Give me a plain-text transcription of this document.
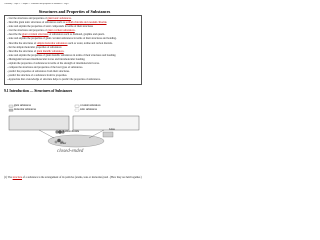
Chemistry · Topic 2 · Chapter 9 · Structures and properties of substances · Page 1
Structures and Properties of Substances
- List the structures and properties of giant ionic substances.
- Describe giant ionic structures of substances such as sodium chloride and caesium chloride.
- state and explain the properties of ionic compounds in terms of their structures
- List the structures and properties of giant covalent substances.
- describe the giant covalent structures of substances such as diamond, graphite and quartz.
- state and explain the properties of giant covalent substances in terms of their structures and bonding.
- Describe the structures of simple molecular substances such as water, iodine and carbon dioxide.
- list the simple molecular properties of substances
- Describe the structures of giant metallic substances.
- state and explain the properties of giant metallic substances in terms of their structures and bonding.
- Distinguish between intermolecular forces and intramolecular bonding.
- explain the properties of substances in terms of the strength of intermolecular forces.
- compare the structures and properties of the four types of substances.
- predict the properties of substances from their structures.
- predict the structure of a substance from its properties.
- Appreciate that a knowledge of structure helps to predict the properties of substances.
9.1 Introduction — Structures of Substances
giant substances
molecular substances
covalent substances
ionic substances
Carbon dioxide
Water
Glass
closed-ended
(1) The structure of a substance is the arrangement of its particles (atoms, ions or molecules) and . (How they are held together.)
